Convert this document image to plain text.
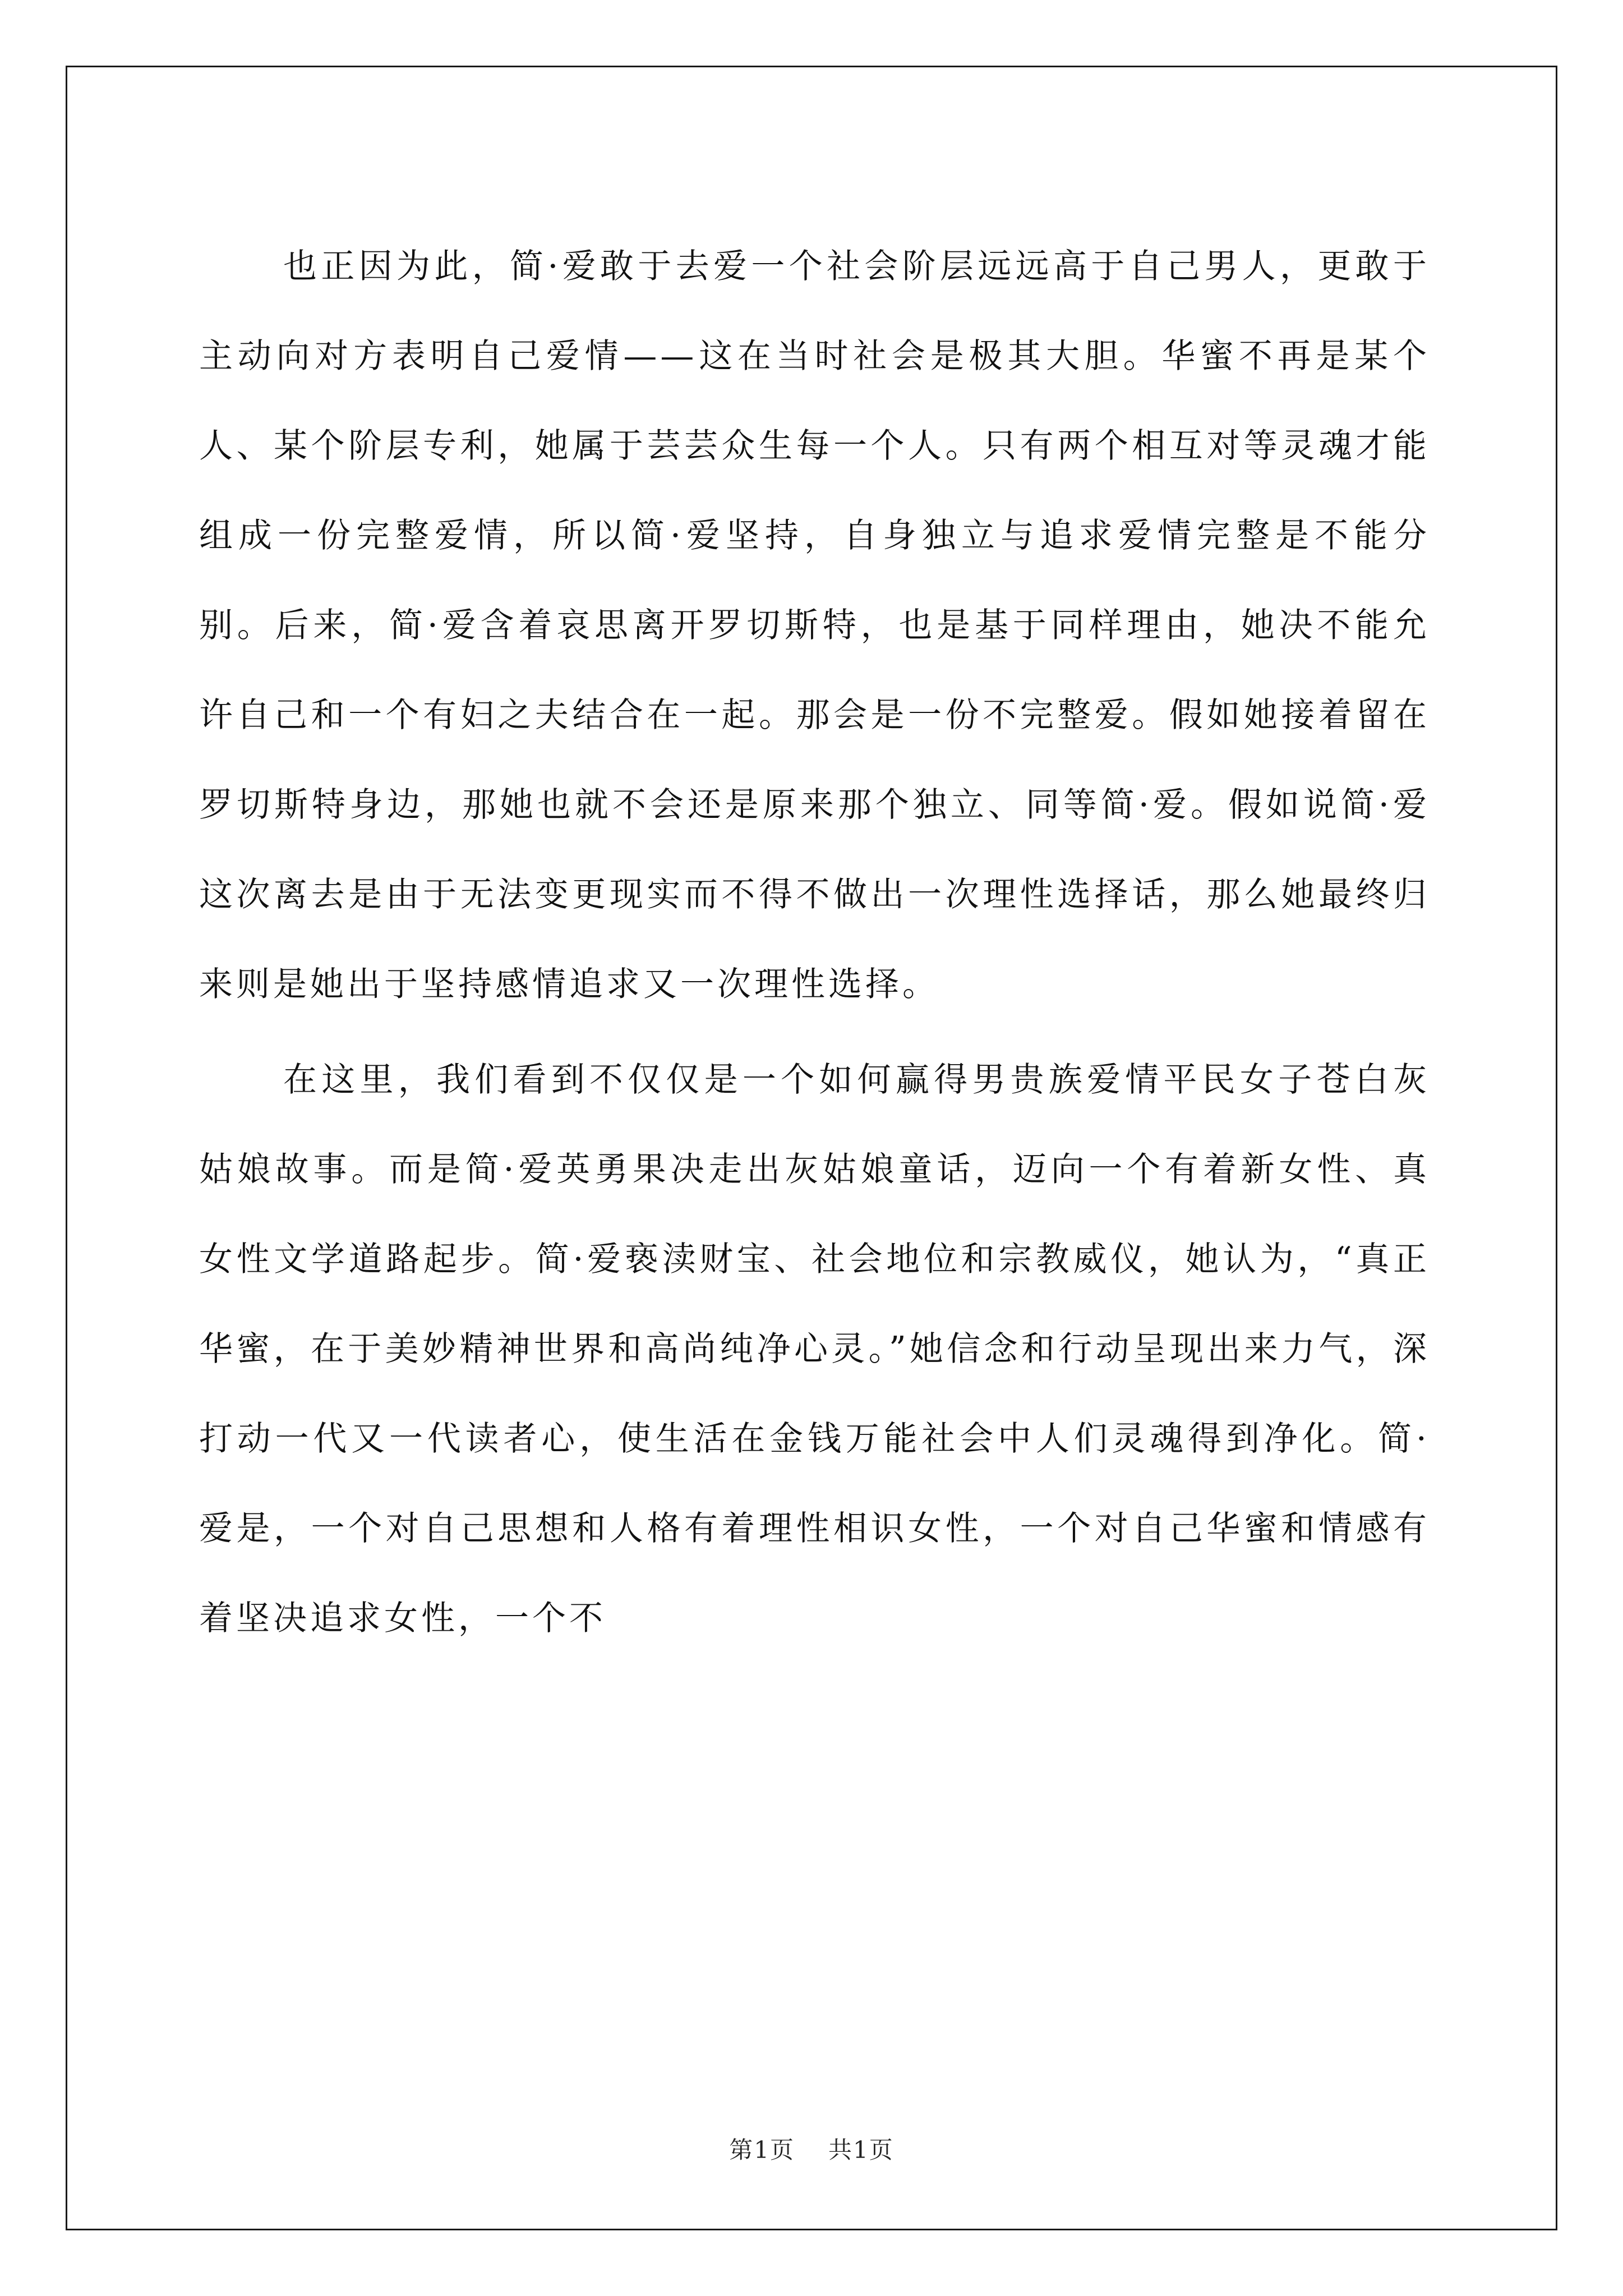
也正因为此，简·爱敢于去爱一个社会阶层远远高于自己男人，更敢于主动向对方表明自己爱情——这在当时社会是极其大胆。华蜜不再是某个人、某个阶层专利，她属于芸芸众生每一个人。只有两个相互对等灵魂才能组成一份完整爱情，所以简·爱坚持，自身独立与追求爱情完整是不能分别。后来，简·爱含着哀思离开罗切斯特，也是基于同样理由，她决不能允许自己和一个有妇之夫结合在一起。那会是一份不完整爱。假如她接着留在罗切斯特身边，那她也就不会还是原来那个独立、同等简·爱。假如说简·爱这次离去是由于无法变更现实而不得不做出一次理性选择话，那么她最终归来则是她出于坚持感情追求又一次理性选择。

在这里，我们看到不仅仅是一个如何赢得男贵族爱情平民女子苍白灰姑娘故事。而是简·爱英勇果决走出灰姑娘童话，迈向一个有着新女性、真女性文学道路起步。简·爱亵渎财宝、社会地位和宗教威仪，她认为，“真正华蜜，在于美妙精神世界和高尚纯净心灵。”她信念和行动呈现出来力气，深打动一代又一代读者心，使生活在金钱万能社会中人们灵魂得到净化。简·爱是，一个对自己思想和人格有着理性相识女性，一个对自己华蜜和情感有着坚决追求女性，一个不

第1页 共1页
